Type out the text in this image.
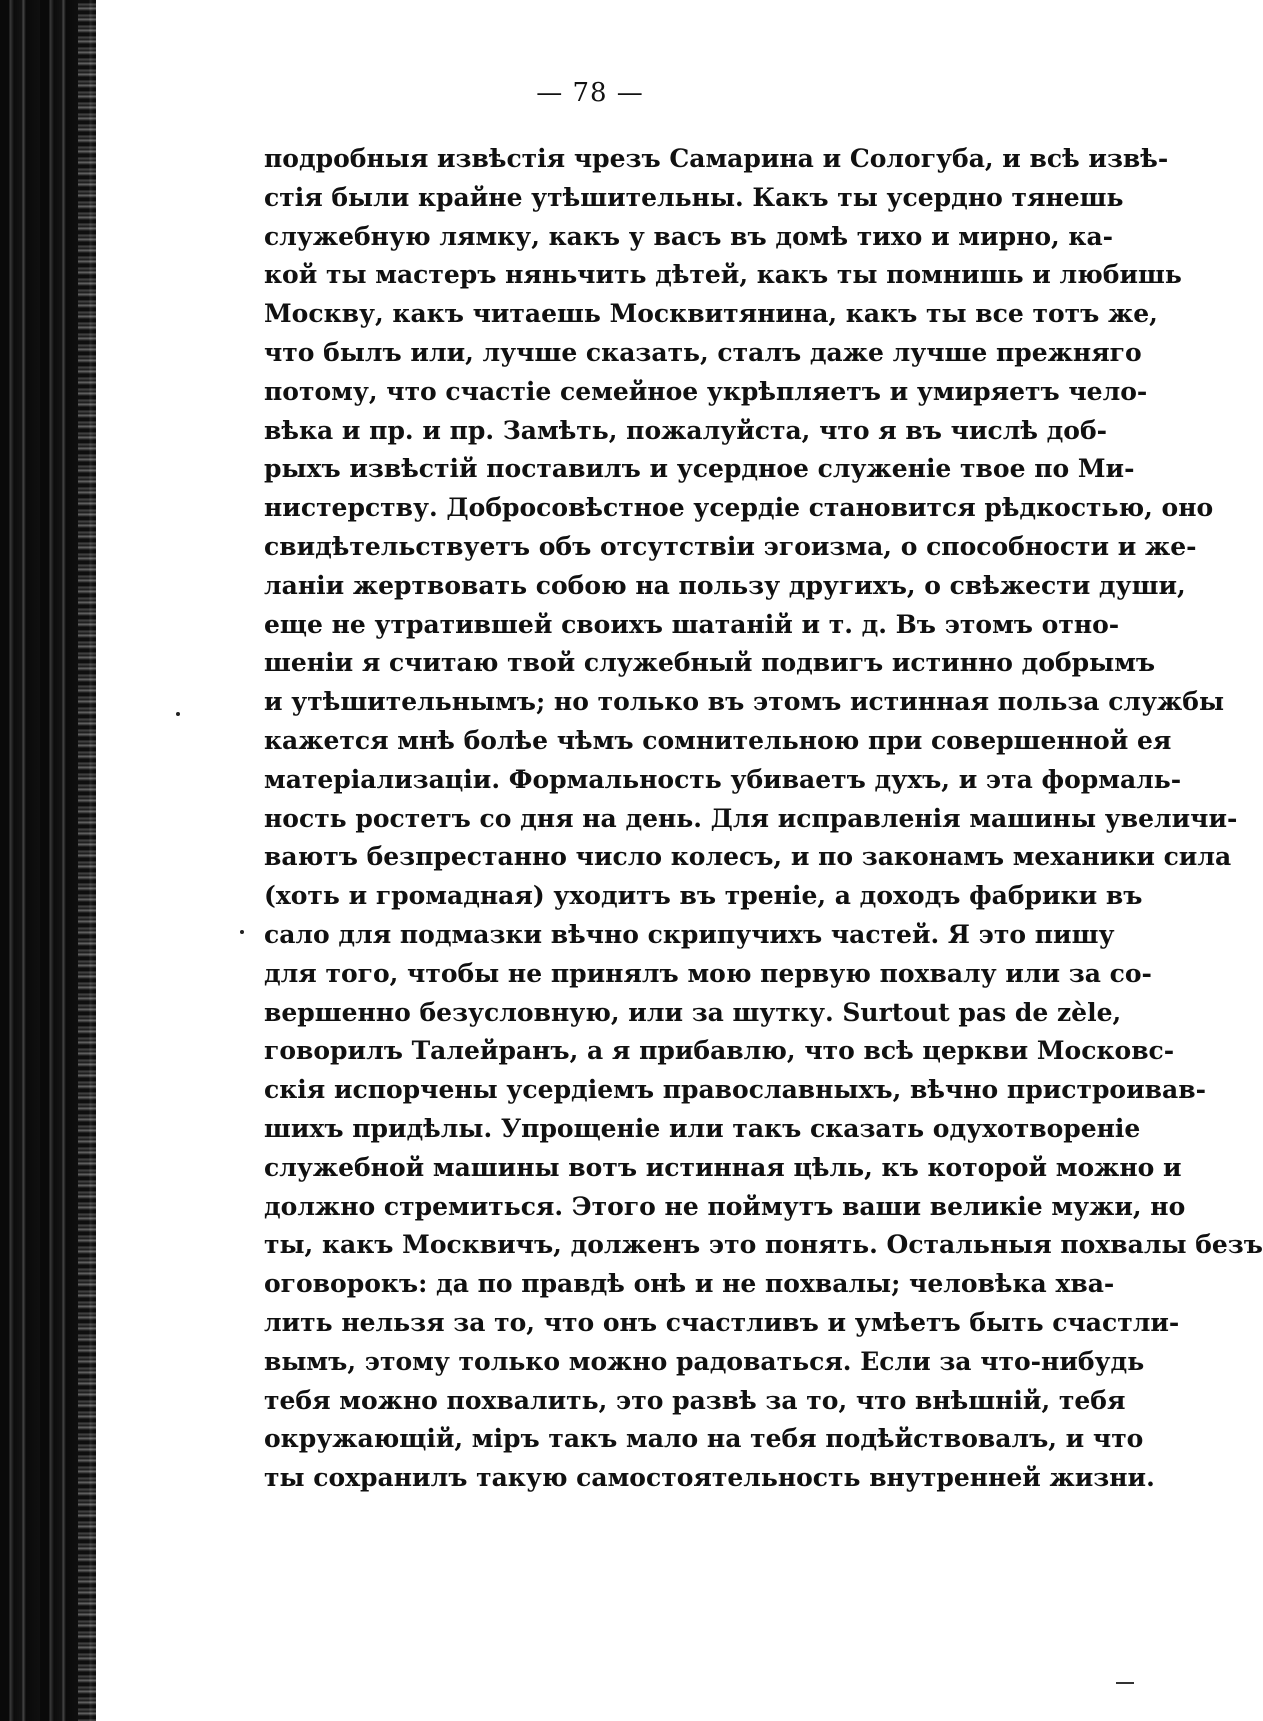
— 78 —
подробныя извѣстія чрезъ Самарина и Сологуба, и всѣ извѣ-
стія были крайне утѣшительны. Какъ ты усердно тянешь
служебную лямку, какъ у васъ въ домѣ тихо и мирно, ка-
кой ты мастеръ няньчить дѣтей, какъ ты помнишь и любишь
Москву, какъ читаешь Москвитянина, какъ ты все тотъ же,
что былъ или, лучше сказать, сталъ даже лучше прежняго
потому, что счастіе семейное укрѣпляетъ и умиряетъ чело-
вѣка и пр. и пр. Замѣть, пожалуйста, что я въ числѣ доб-
рыхъ извѣстій поставилъ и усердное служеніе твое по Ми-
нистерству. Добросовѣстное усердіе становится рѣдкостью, оно
свидѣтельствуетъ объ отсутствіи эгоизма, о способности и же-
ланіи жертвовать собою на пользу другихъ, о свѣжести души,
еще не утратившей своихъ шатаній и т. д. Въ этомъ отно-
шеніи я считаю твой служебный подвигъ истинно добрымъ
и утѣшительнымъ; но только въ этомъ истинная польза службы
кажется мнѣ болѣе чѣмъ сомнительною при совершенной ея
матеріализаціи. Формальность убиваетъ духъ, и эта формаль-
ность ростетъ со дня на день. Для исправленія машины увеличи-
ваютъ безпрестанно число колесъ, и по законамъ механики сила
(хоть и громадная) уходитъ въ треніе, а доходъ фабрики въ
сало для подмазки вѣчно скрипучихъ частей. Я это пишу
для того, чтобы не принялъ мою первую похвалу или за со-
вершенно безусловную, или за шутку. Surtout pas de zèle,
говорилъ Талейранъ, а я прибавлю, что всѣ церкви Московс-
скія испорчены усердіемъ православныхъ, вѣчно пристроивав-
шихъ придѣлы. Упрощеніе или такъ сказать одухотвореніе
служебной машины вотъ истинная цѣль, къ которой можно и
должно стремиться. Этого не поймутъ ваши великіе мужи, но
ты, какъ Москвичъ, долженъ это понять. Остальныя похвалы безъ
оговорокъ: да по правдѣ онѣ и не похвалы; человѣка хва-
лить нельзя за то, что онъ счастливъ и умѣетъ быть счастли-
вымъ, этому только можно радоваться. Если за что-нибудь
тебя можно похвалить, это развѣ за то, что внѣшній, тебя
окружающій, міръ такъ мало на тебя подѣйствовалъ, и что
ты сохранилъ такую самостоятельность внутренней жизни.
